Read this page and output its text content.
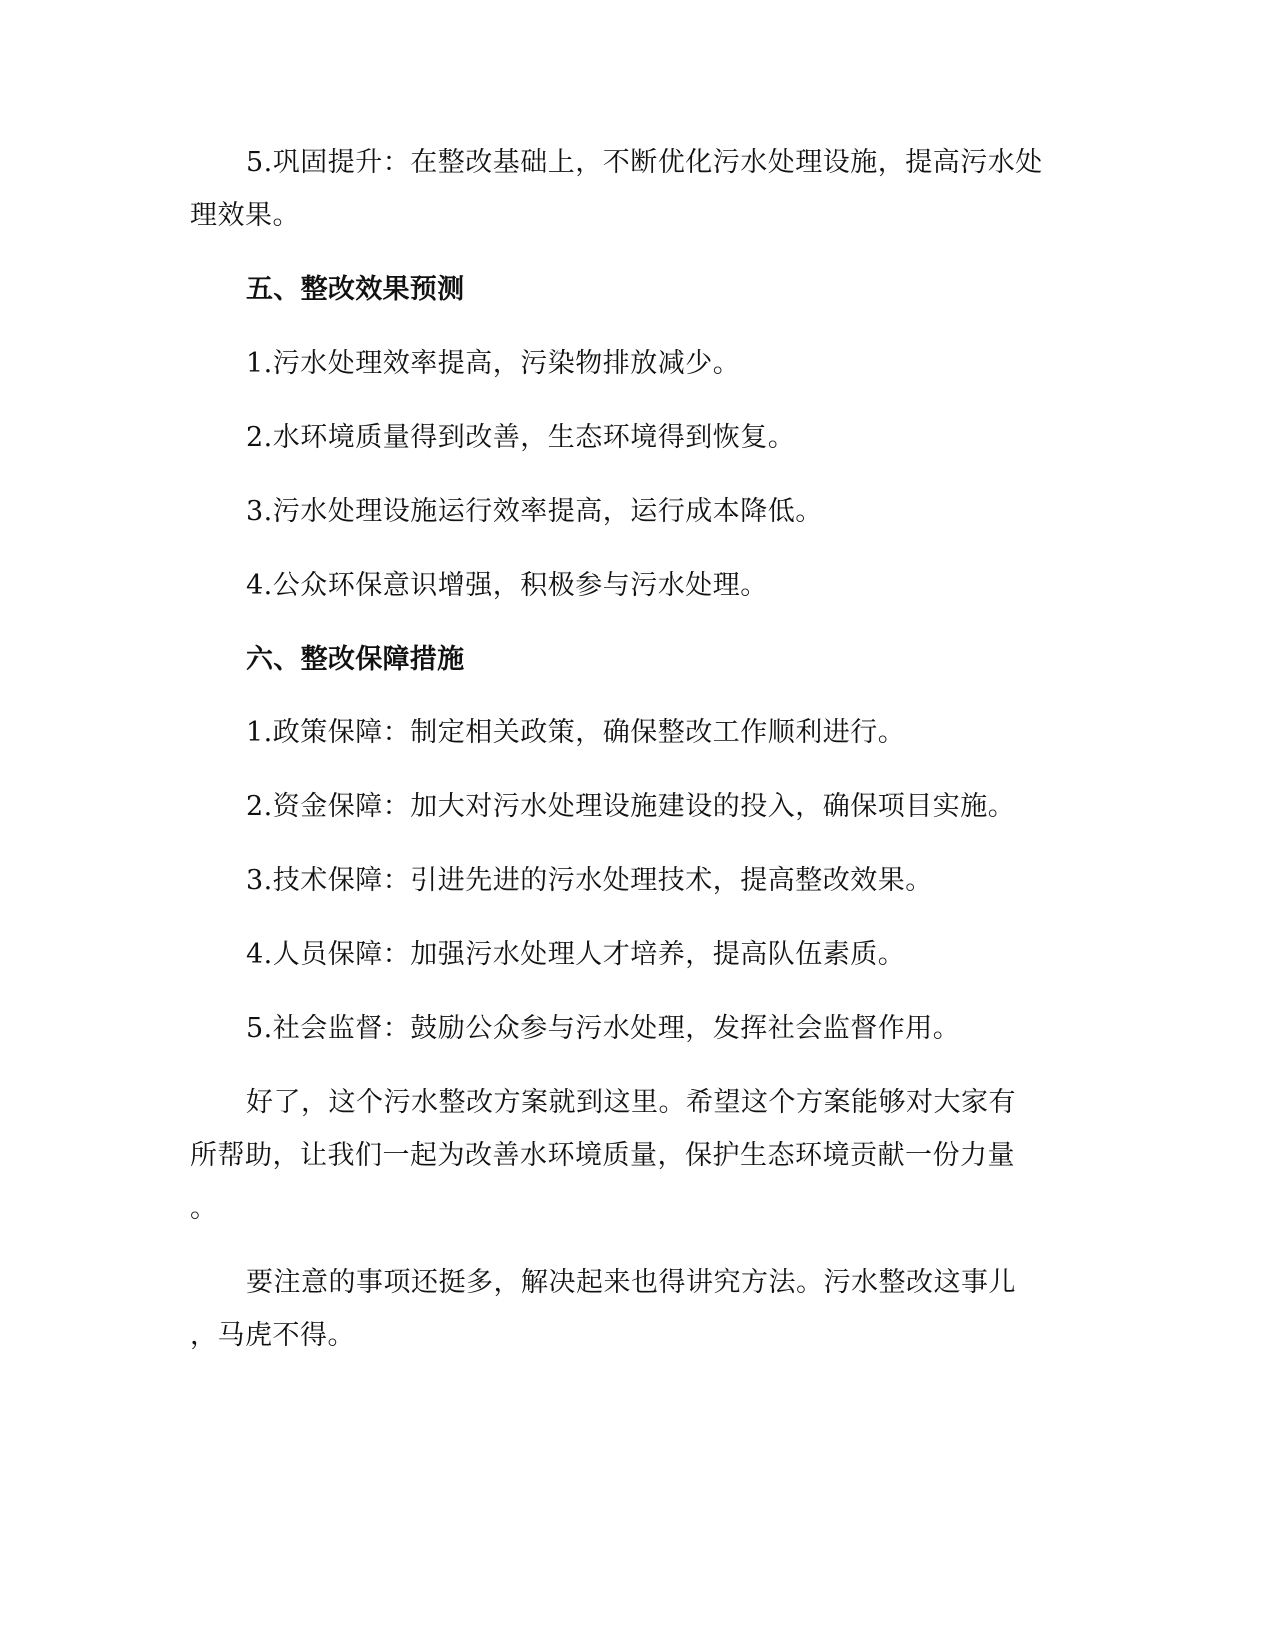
5.巩固提升：在整改基础上，不断优化污水处理设施，提高污水处
理效果。
五、整改效果预测
1.污水处理效率提高，污染物排放减少。
2.水环境质量得到改善，生态环境得到恢复。
3.污水处理设施运行效率提高，运行成本降低。
4.公众环保意识增强，积极参与污水处理。
六、整改保障措施
1.政策保障：制定相关政策，确保整改工作顺利进行。
2.资金保障：加大对污水处理设施建设的投入，确保项目实施。
3.技术保障：引进先进的污水处理技术，提高整改效果。
4.人员保障：加强污水处理人才培养，提高队伍素质。
5.社会监督：鼓励公众参与污水处理，发挥社会监督作用。
好了，这个污水整改方案就到这里。希望这个方案能够对大家有
所帮助，让我们一起为改善水环境质量，保护生态环境贡献一份力量
。
要注意的事项还挺多，解决起来也得讲究方法。污水整改这事儿
，马虎不得。
